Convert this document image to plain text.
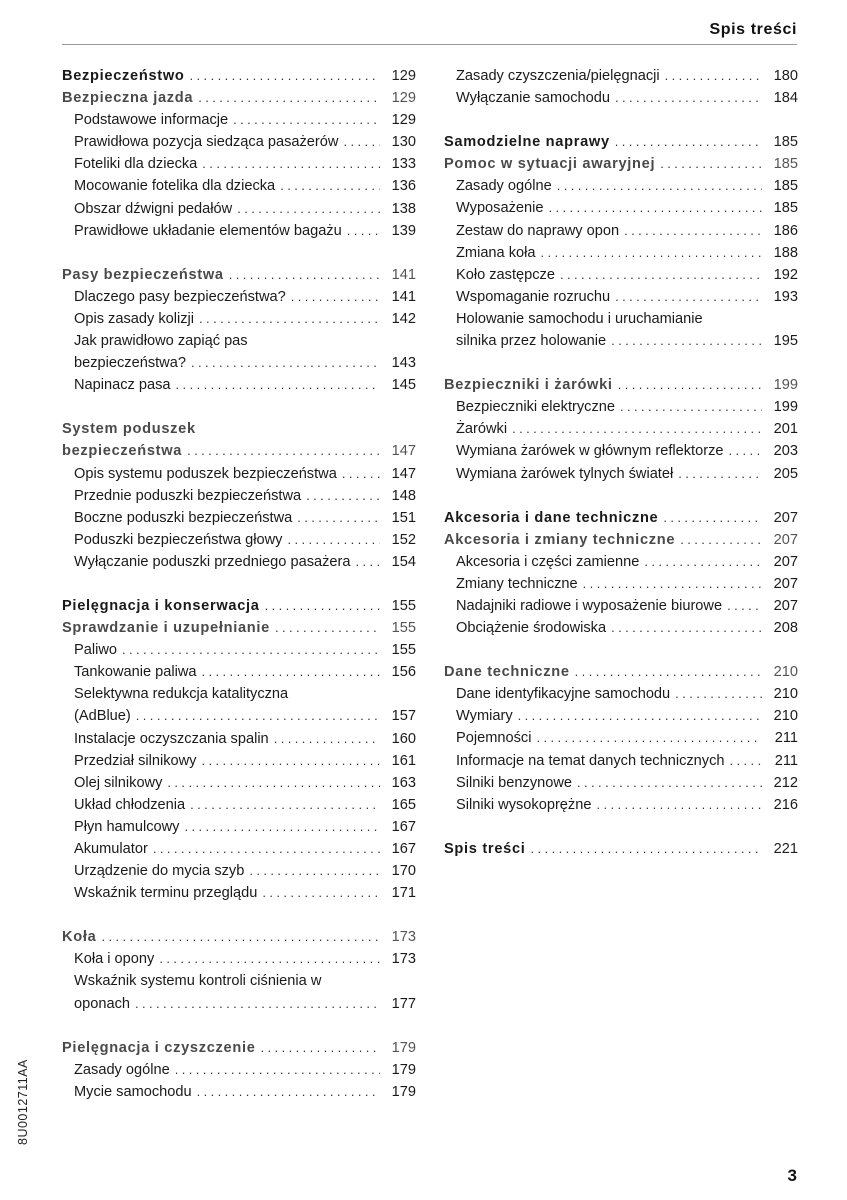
Spis treści
Bezpieczeństwo .....	129
Bezpieczna jazda .....	129
Podstawowe informacje .....	129
Prawidłowa pozycja siedząca pasażerów .....	130
Foteliki dla dziecka .....	133
Mocowanie fotelika dla dziecka .....	136
Obszar dźwigni pedałów .....	138
Prawidłowe układanie elementów bagażu .....	139
Pasy bezpieczeństwa .....	141
Dlaczego pasy bezpieczeństwa? .....	141
Opis zasady kolizji .....	142
Jak prawidłowo zapiąć pas
bezpieczeństwa? .....	143
Napinacz pasa .....	145
System poduszek
bezpieczeństwa .....	147
Opis systemu poduszek bezpieczeństwa .....	147
Przednie poduszki bezpieczeństwa .....	148
Boczne poduszki bezpieczeństwa .....	151
Poduszki bezpieczeństwa głowy .....	152
Wyłączanie poduszki przedniego pasażera .....	154
Pielęgnacja i konserwacja .....	155
Sprawdzanie i uzupełnianie .....	155
Paliwo .....	155
Tankowanie paliwa .....	156
Selektywna redukcja katalityczna
(AdBlue) .....	157
Instalacje oczyszczania spalin .....	160
Przedział silnikowy .....	161
Olej silnikowy .....	163
Układ chłodzenia .....	165
Płyn hamulcowy .....	167
Akumulator .....	167
Urządzenie do mycia szyb .....	170
Wskaźnik terminu przeglądu .....	171
Koła .....	173
Koła i opony .....	173
Wskaźnik systemu kontroli ciśnienia w
oponach .....	177
Pielęgnacja i czyszczenie .....	179
Zasady ogólne .....	179
Mycie samochodu .....	179
Zasady czyszczenia/pielęgnacji .....	180
Wyłączanie samochodu .....	184
Samodzielne naprawy .....	185
Pomoc w sytuacji awaryjnej .....	185
Zasady ogólne .....	185
Wyposażenie .....	185
Zestaw do naprawy opon .....	186
Zmiana koła .....	188
Koło zastępcze .....	192
Wspomaganie rozruchu .....	193
Holowanie samochodu i uruchamianie
silnika przez holowanie .....	195
Bezpieczniki i żarówki .....	199
Bezpieczniki elektryczne .....	199
Żarówki .....	201
Wymiana żarówek w głównym reflektorze .....	203
Wymiana żarówek tylnych świateł .....	205
Akcesoria i dane techniczne .....	207
Akcesoria i zmiany techniczne .....	207
Akcesoria i części zamienne .....	207
Zmiany techniczne .....	207
Nadajniki radiowe i wyposażenie biurowe .....	207
Obciążenie środowiska .....	208
Dane techniczne .....	210
Dane identyfikacyjne samochodu .....	210
Wymiary .....	210
Pojemności .....	211
Informacje na temat danych technicznych .....	211
Silniki benzynowe .....	212
Silniki wysokoprężne .....	216
Spis treści .....	221
8U0012711AA
3
